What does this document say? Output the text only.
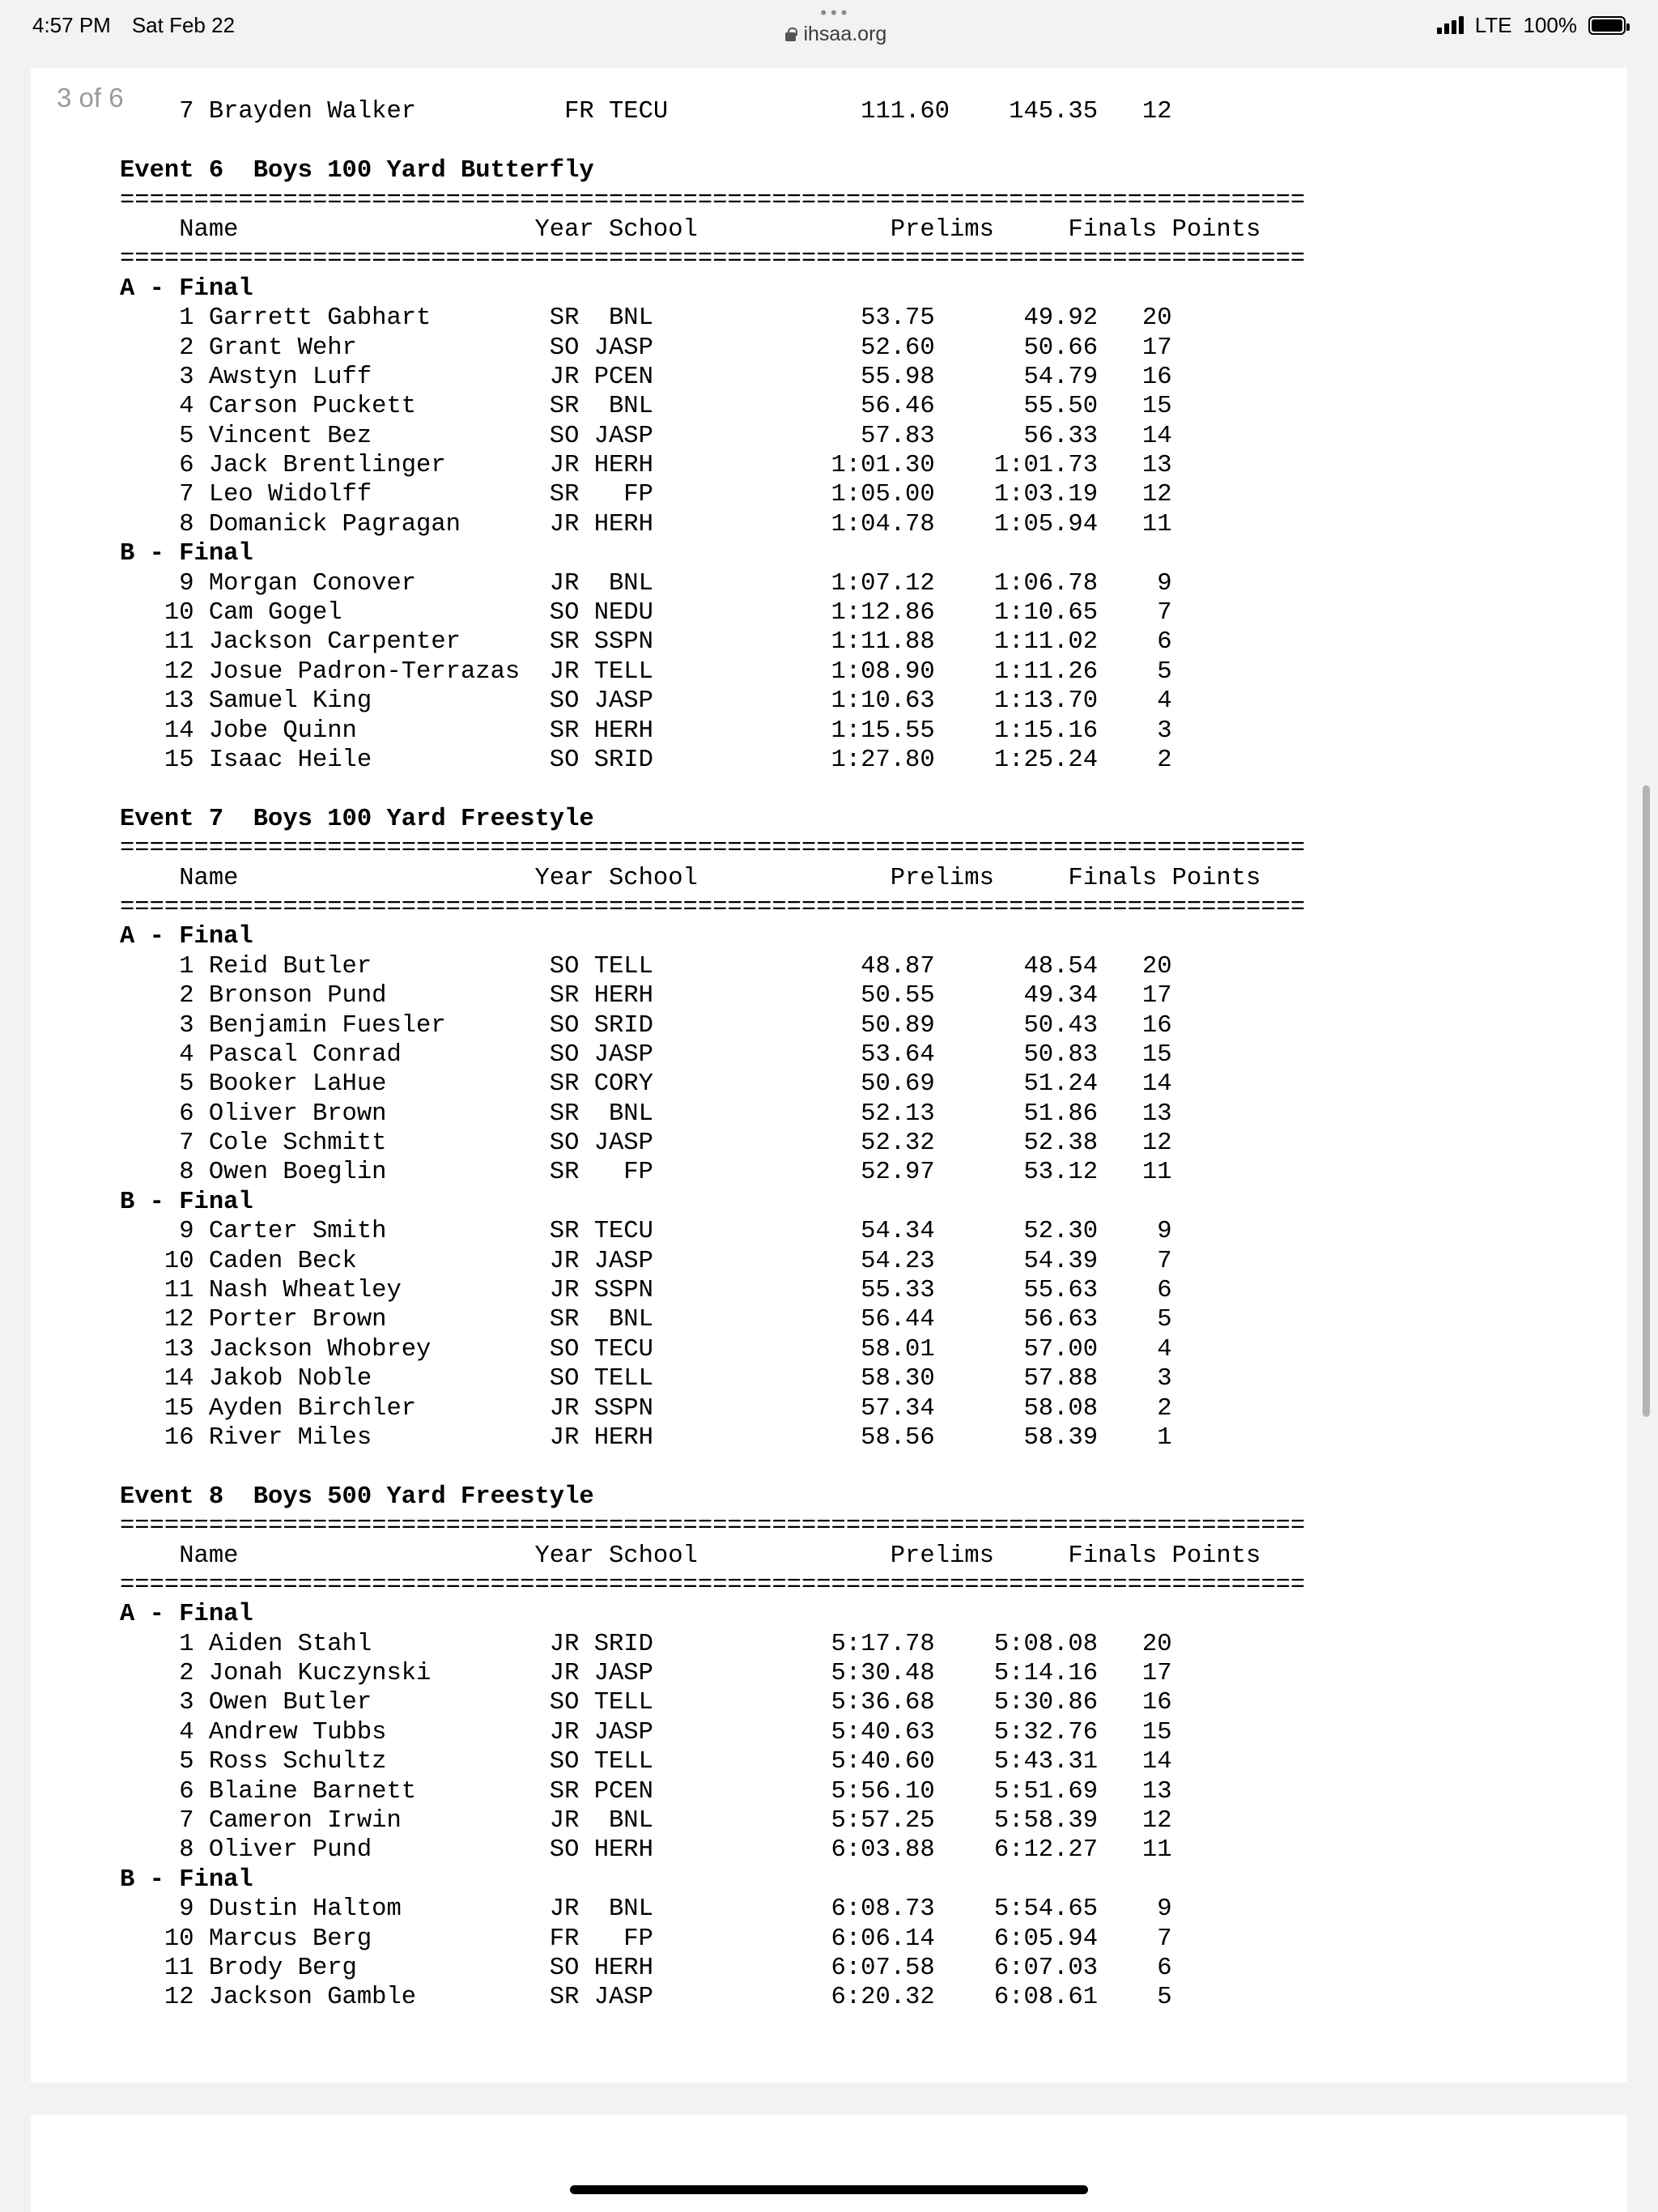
4:57 PM Sat Feb 22
•••
ihsaa.org	LTE 100%
3 of 6

7 Brayden Walker          FR TECU             111.60    145.35   12

Event 6  Boys 100 Yard Butterfly
================================================================================
Name                    Year School             Prelims     Finals Points
================================================================================
A - Final
1 Garrett Gabhart        SR  BNL              53.75      49.92   20
2 Grant Wehr             SO JASP              52.60      50.66   17
3 Awstyn Luff            JR PCEN              55.98      54.79   16
4 Carson Puckett         SR  BNL              56.46      55.50   15
5 Vincent Bez            SO JASP              57.83      56.33   14
6 Jack Brentlinger       JR HERH            1:01.30    1:01.73   13
7 Leo Widolff            SR   FP            1:05.00    1:03.19   12
8 Domanick Pagragan      JR HERH            1:04.78    1:05.94   11
B - Final
9 Morgan Conover         JR  BNL            1:07.12    1:06.78    9
10 Cam Gogel              SO NEDU            1:12.86    1:10.65    7
11 Jackson Carpenter      SR SSPN            1:11.88    1:11.02    6
12 Josue Padron-Terrazas  JR TELL            1:08.90    1:11.26    5
13 Samuel King            SO JASP            1:10.63    1:13.70    4
14 Jobe Quinn             SR HERH            1:15.55    1:15.16    3
15 Isaac Heile            SO SRID            1:27.80    1:25.24    2

Event 7  Boys 100 Yard Freestyle
================================================================================
Name                    Year School             Prelims     Finals Points
================================================================================
A - Final
1 Reid Butler            SO TELL              48.87      48.54   20
2 Bronson Pund           SR HERH              50.55      49.34   17
3 Benjamin Fuesler       SO SRID              50.89      50.43   16
4 Pascal Conrad          SO JASP              53.64      50.83   15
5 Booker LaHue           SR CORY              50.69      51.24   14
6 Oliver Brown           SR  BNL              52.13      51.86   13
7 Cole Schmitt           SO JASP              52.32      52.38   12
8 Owen Boeglin           SR   FP              52.97      53.12   11
B - Final
9 Carter Smith           SR TECU              54.34      52.30    9
10 Caden Beck             JR JASP              54.23      54.39    7
11 Nash Wheatley          JR SSPN              55.33      55.63    6
12 Porter Brown           SR  BNL              56.44      56.63    5
13 Jackson Whobrey        SO TECU              58.01      57.00    4
14 Jakob Noble            SO TELL              58.30      57.88    3
15 Ayden Birchler         JR SSPN              57.34      58.08    2
16 River Miles            JR HERH              58.56      58.39    1

Event 8  Boys 500 Yard Freestyle
================================================================================
Name                    Year School             Prelims     Finals Points
================================================================================
A - Final
1 Aiden Stahl            JR SRID            5:17.78    5:08.08   20
2 Jonah Kuczynski        JR JASP            5:30.48    5:14.16   17
3 Owen Butler            SO TELL            5:36.68    5:30.86   16
4 Andrew Tubbs           JR JASP            5:40.63    5:32.76   15
5 Ross Schultz           SO TELL            5:40.60    5:43.31   14
6 Blaine Barnett         SR PCEN            5:56.10    5:51.69   13
7 Cameron Irwin          JR  BNL            5:57.25    5:58.39   12
8 Oliver Pund            SO HERH            6:03.88    6:12.27   11
B - Final
9 Dustin Haltom          JR  BNL            6:08.73    5:54.65    9
10 Marcus Berg            FR   FP            6:06.14    6:05.94    7
11 Brody Berg             SO HERH            6:07.58    6:07.03    6
12 Jackson Gamble         SR JASP            6:20.32    6:08.61    5
